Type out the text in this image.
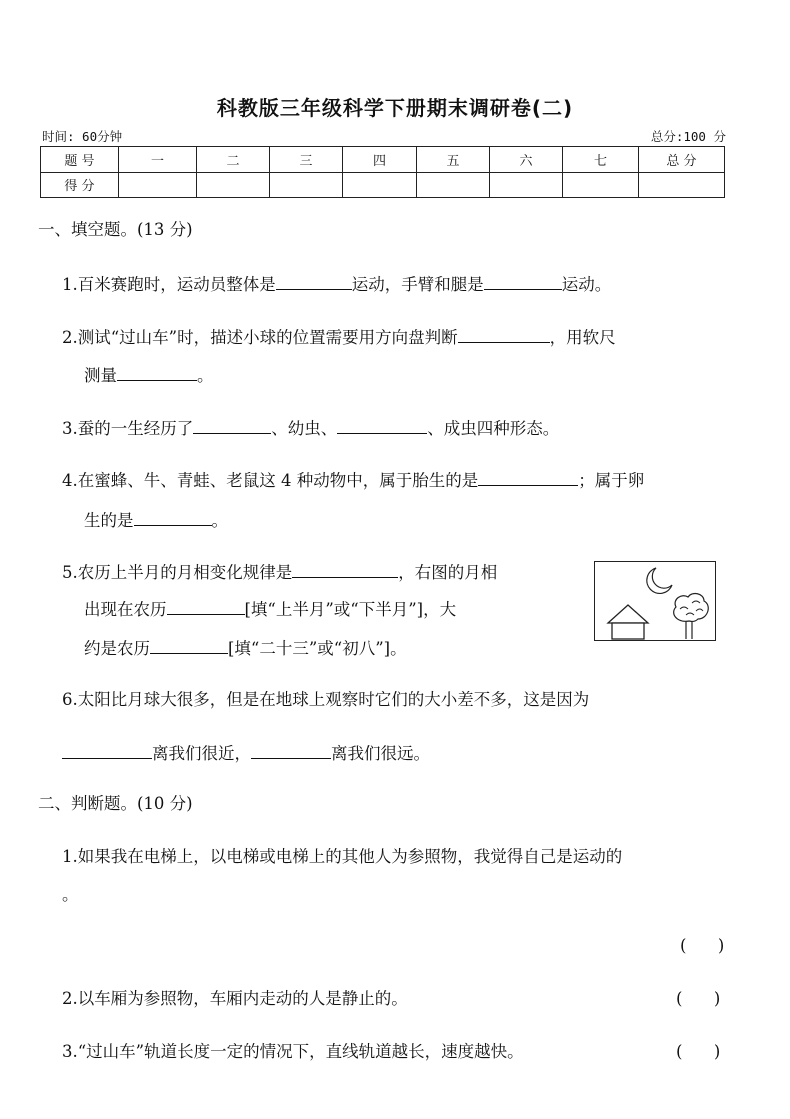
科教版三年级科学下册期末调研卷(二)
时间: 60分钟	总分:100 分
题 号	一	二	三	四	五	六	七	总 分
得 分								
一、填空题。(13 分)
1.百米赛跑时，运动员整体是	运动，手臂和腿是	运动。
2.测试“过山车”时，描述小球的位置需要用方向盘判断	，用软尺
测量	。
3.蚕的一生经历了	、幼虫、	、成虫四种形态。
4.在蜜蜂、牛、青蛙、老鼠这 4 种动物中，属于胎生的是	；属于卵
生的是	。
5.农历上半月的月相变化规律是	，右图的月相
出现在农历	[填“上半月”或“下半月”]，大
约是农历	[填“二十三”或“初八”]。
6.太阳比月球大很多，但是在地球上观察时它们的大小差不多，这是因为
离我们很近，	离我们很远。
二、判断题。(10 分)
1.如果我在电梯上，以电梯或电梯上的其他人为参照物，我觉得自己是运动的
。
(      )
2.以车厢为参照物，车厢内走动的人是静止的。	(      )
3.“过山车”轨道长度一定的情况下，直线轨道越长，速度越快。	(      )
